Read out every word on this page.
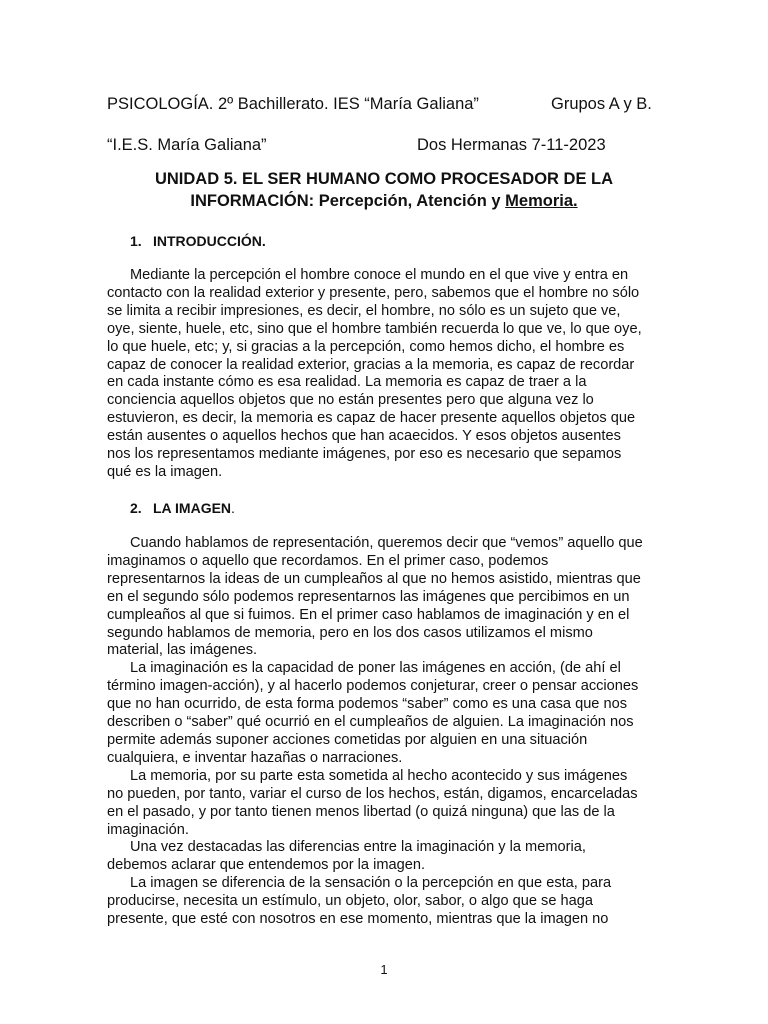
PSICOLOGÍA. 2º Bachillerato. IES “María Galiana”	Grupos A y B.
“I.E.S. María Galiana”	Dos Hermanas 7-11-2023
UNIDAD 5. EL SER HUMANO COMO PROCESADOR DE LA
INFORMACIÓN: Percepción, Atención y Memoria.
1. INTRODUCCIÓN.
Mediante la percepción el hombre conoce el mundo en el que vive y entra en
contacto con la realidad exterior y presente, pero, sabemos que el hombre no sólo
se limita a recibir impresiones, es decir, el hombre, no sólo es un sujeto que ve,
oye, siente, huele, etc, sino que el hombre también recuerda lo que ve, lo que oye,
lo que huele, etc; y, si gracias a la percepción, como hemos dicho, el hombre es
capaz de conocer la realidad exterior, gracias a la memoria, es capaz de recordar
en cada instante cómo es esa realidad. La memoria es capaz de traer a la
conciencia aquellos objetos que no están presentes pero que alguna vez lo
estuvieron, es decir, la memoria es capaz de hacer presente aquellos objetos que
están ausentes o aquellos hechos que han acaecidos. Y esos objetos ausentes
nos los representamos mediante imágenes, por eso es necesario que sepamos
qué es la imagen.
2. LA IMAGEN.
Cuando hablamos de representación, queremos decir que “vemos” aquello que
imaginamos o aquello que recordamos. En el primer caso, podemos
representarnos la ideas de un cumpleaños al que no hemos asistido, mientras que
en el segundo sólo podemos representarnos las imágenes que percibimos en un
cumpleaños al que si fuimos. En el primer caso hablamos de imaginación y en el
segundo hablamos de memoria, pero en los dos casos utilizamos el mismo
material, las imágenes.
La imaginación es la capacidad de poner las imágenes en acción, (de ahí el
término imagen-acción), y al hacerlo podemos conjeturar, creer o pensar acciones
que no han ocurrido, de esta forma podemos “saber” como es una casa que nos
describen o “saber” qué ocurrió en el cumpleaños de alguien. La imaginación nos
permite además suponer acciones cometidas por alguien en una situación
cualquiera, e inventar hazañas o narraciones.
La memoria, por su parte esta sometida al hecho acontecido y sus imágenes
no pueden, por tanto, variar el curso de los hechos, están, digamos, encarceladas
en el pasado, y por tanto tienen menos libertad (o quizá ninguna) que las de la
imaginación.
Una vez destacadas las diferencias entre la imaginación y la memoria,
debemos aclarar que entendemos por la imagen.
La imagen se diferencia de la sensación o la percepción en que esta, para
producirse, necesita un estímulo, un objeto, olor, sabor, o algo que se haga
presente, que esté con nosotros en ese momento, mientras que la imagen no
1
